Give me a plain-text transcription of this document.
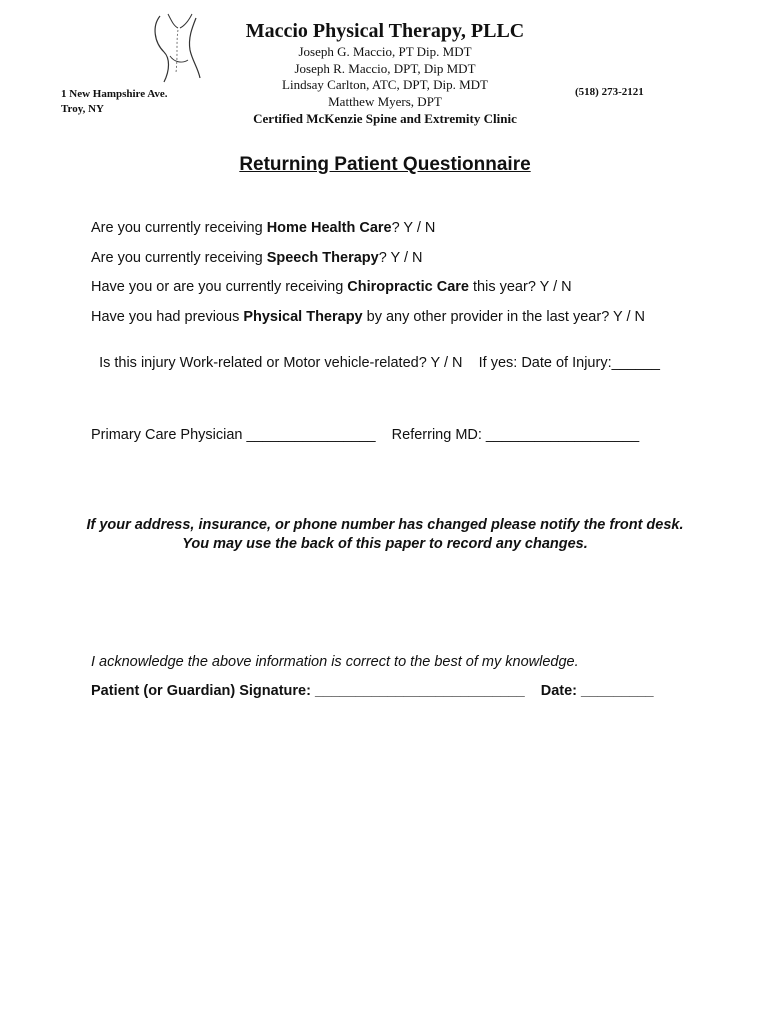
1 New Hampshire Ave.
Troy, NY
(518) 273-2121
Maccio Physical Therapy, PLLC
Joseph G. Maccio, PT Dip. MDT
Joseph R. Maccio, DPT, Dip MDT
Lindsay Carlton, ATC, DPT, Dip. MDT
Matthew Myers, DPT
Certified McKenzie Spine and Extremity Clinic
Returning Patient Questionnaire
Are you currently receiving Home Health Care? Y / N
Are you currently receiving Speech Therapy? Y / N
Have you or are you currently receiving Chiropractic Care this year? Y / N
Have you had previous Physical Therapy by any other provider in the last year? Y / N

Is this injury Work-related or Motor vehicle-related? Y / N    If yes: Date of Injury:______

Primary Care Physician ________________    Referring MD: ___________________
If your address, insurance, or phone number has changed please notify the front desk. You may use the back of this paper to record any changes.
I acknowledge the above information is correct to the best of my knowledge.
Patient (or Guardian) Signature: __________________________    Date: _________
